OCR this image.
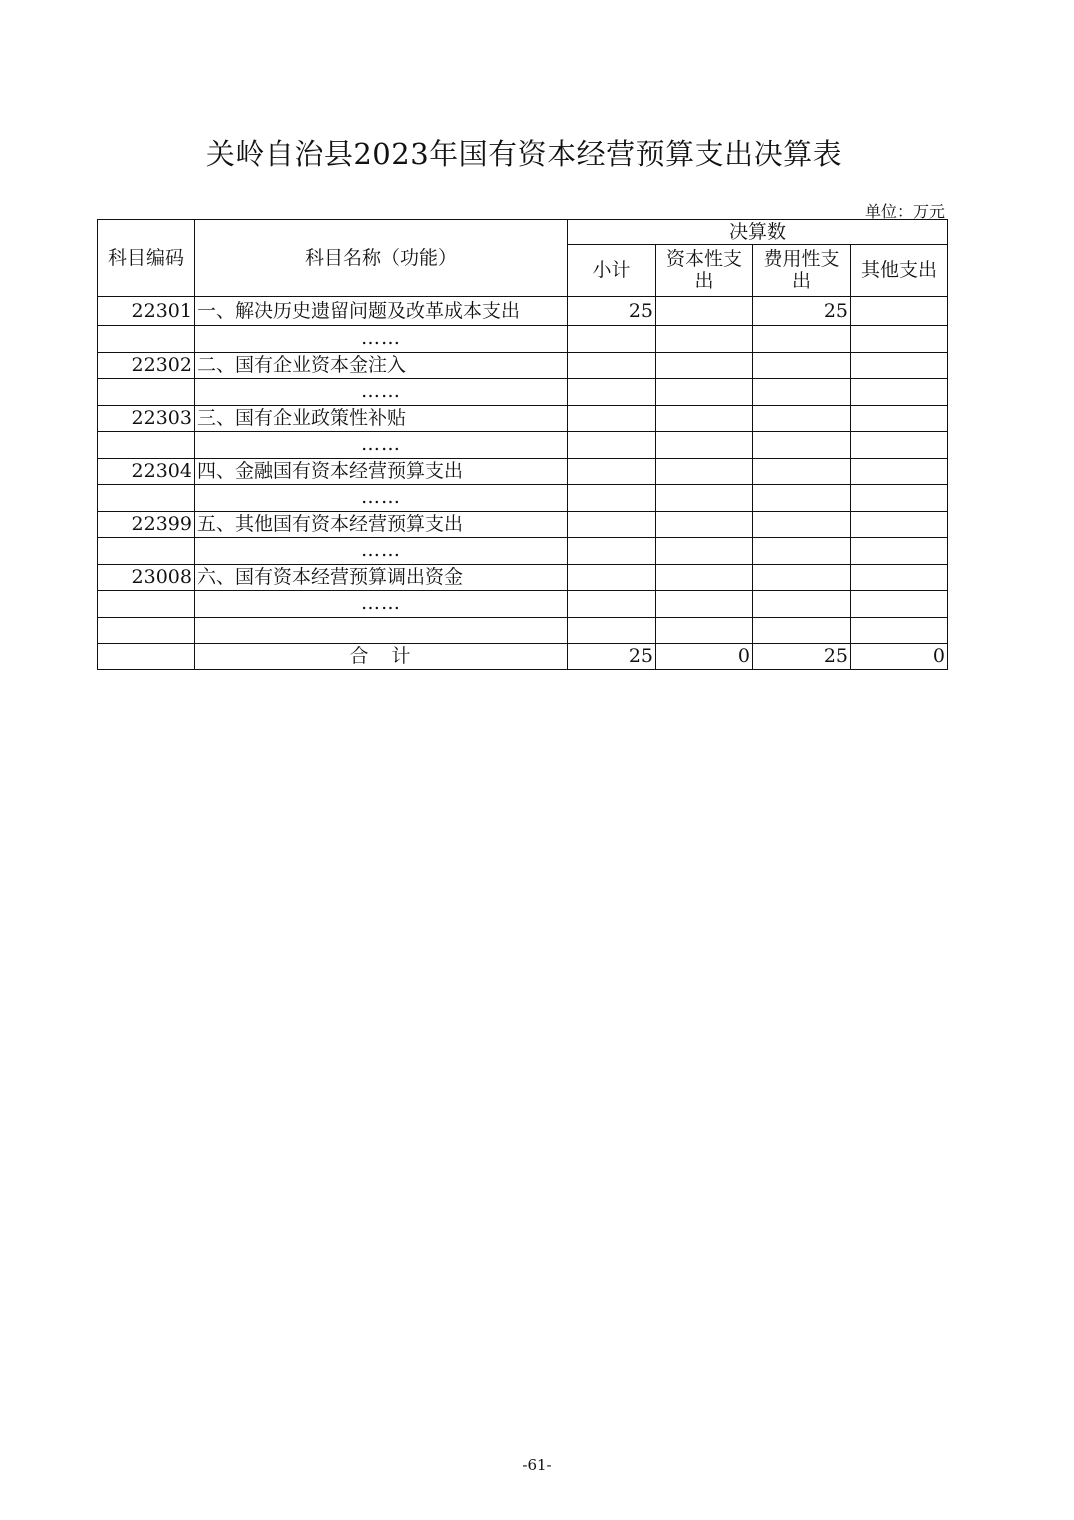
关岭自治县2023年国有资本经营预算支出决算表
单位：万元
科目编码	科目名称（功能）	决算数			
		小计	资本性支出	费用性支出	其他支出
22301	一、解决历史遗留问题及改革成本支出	25		25	
	……				
22302	二、国有企业资本金注入				
	……				
22303	三、国有企业政策性补贴				
	……				
22304	四、金融国有资本经营预算支出				
	……				
22399	五、其他国有资本经营预算支出				
	……				
23008	六、国有资本经营预算调出资金				
	……				

	合　计	25	0	25	0
-61-
